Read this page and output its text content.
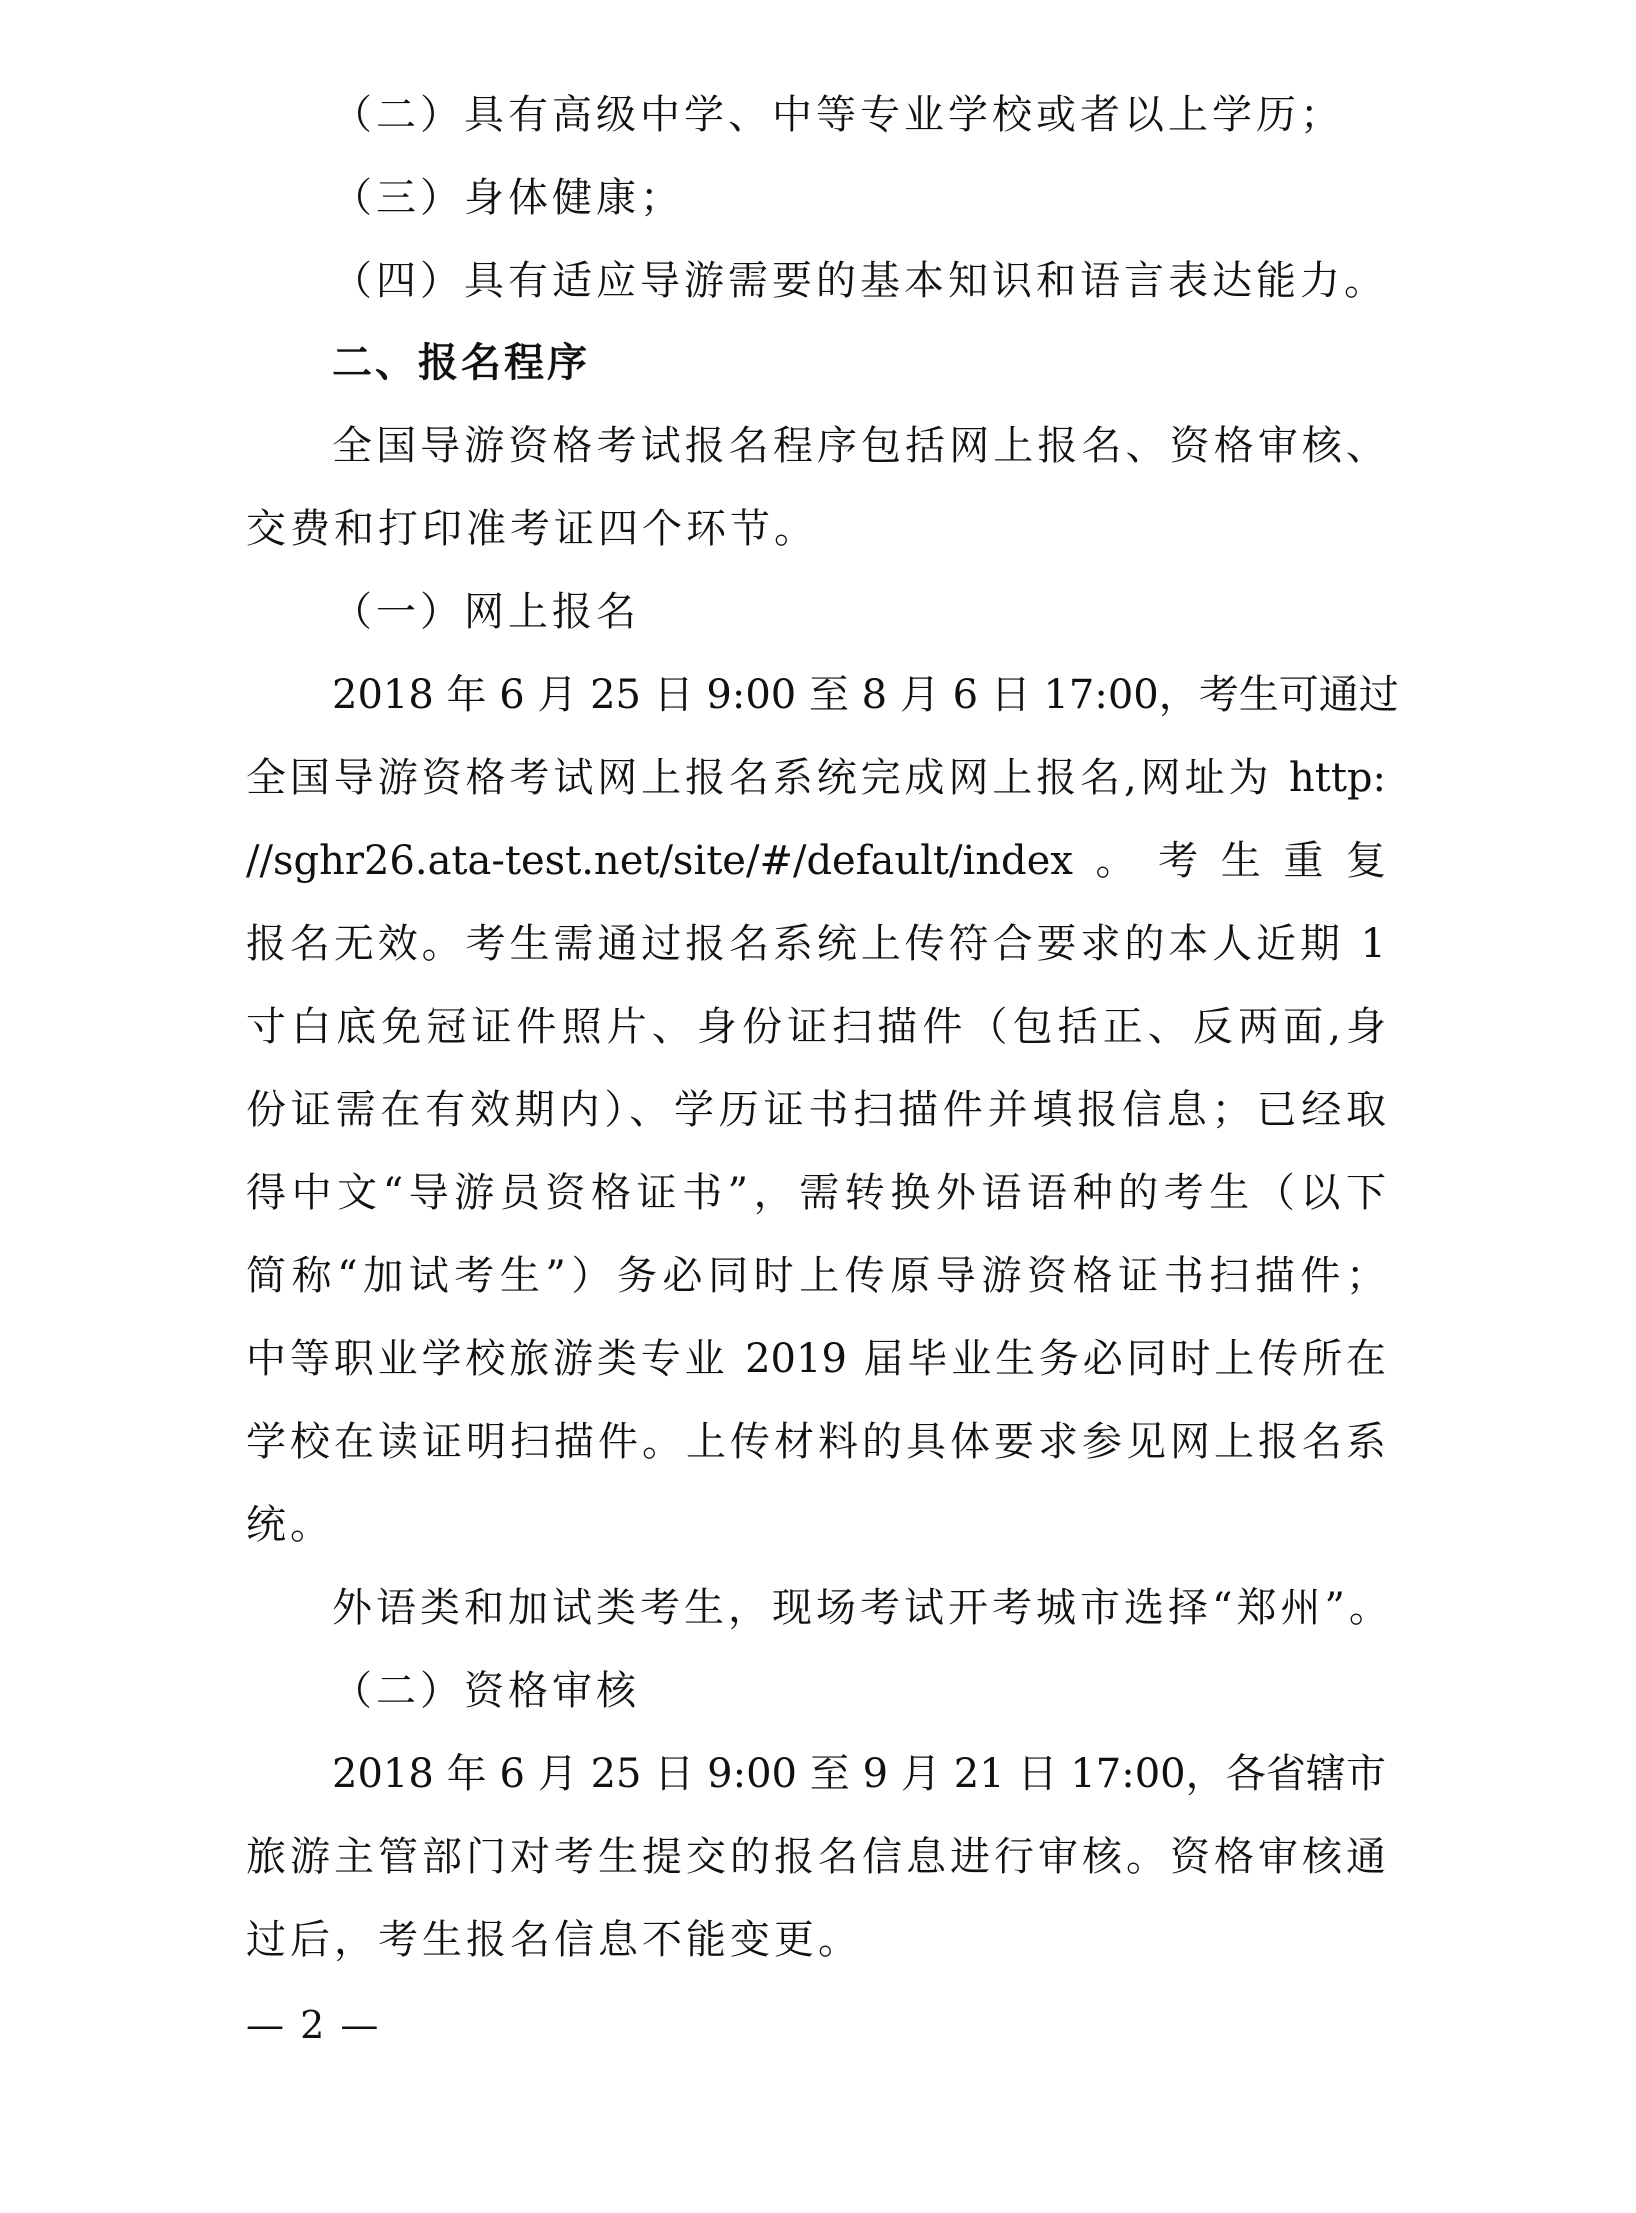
（二）具有高级中学、中等专业学校或者以上学历；
（三）身体健康；
（四）具有适应导游需要的基本知识和语言表达能力。
二、报名程序
全国导游资格考试报名程序包括网上报名、资格审核、
交费和打印准考证四个环节。
（一）网上报名
2018 年 6 月 25 日 9:00 至 8 月 6 日 17:00，考生可通过
全国导游资格考试网上报名系统完成网上报名,网址为 http:
//sghr26.ata-test.net/site/#/default/index。考生重复
报名无效。考生需通过报名系统上传符合要求的本人近期 1
寸白底免冠证件照片、身份证扫描件（包括正、反两面,身
份证需在有效期内）、学历证书扫描件并填报信息；已经取
得中文“导游员资格证书”，需转换外语语种的考生（以下
简称“加试考生”）务必同时上传原导游资格证书扫描件；
中等职业学校旅游类专业 2019 届毕业生务必同时上传所在
学校在读证明扫描件。上传材料的具体要求参见网上报名系
统。
外语类和加试类考生，现场考试开考城市选择“郑州”。
（二）资格审核
2018 年 6 月 25 日 9:00 至 9 月 21 日 17:00，各省辖市
旅游主管部门对考生提交的报名信息进行审核。资格审核通
过后，考生报名信息不能变更。
— 2 —
